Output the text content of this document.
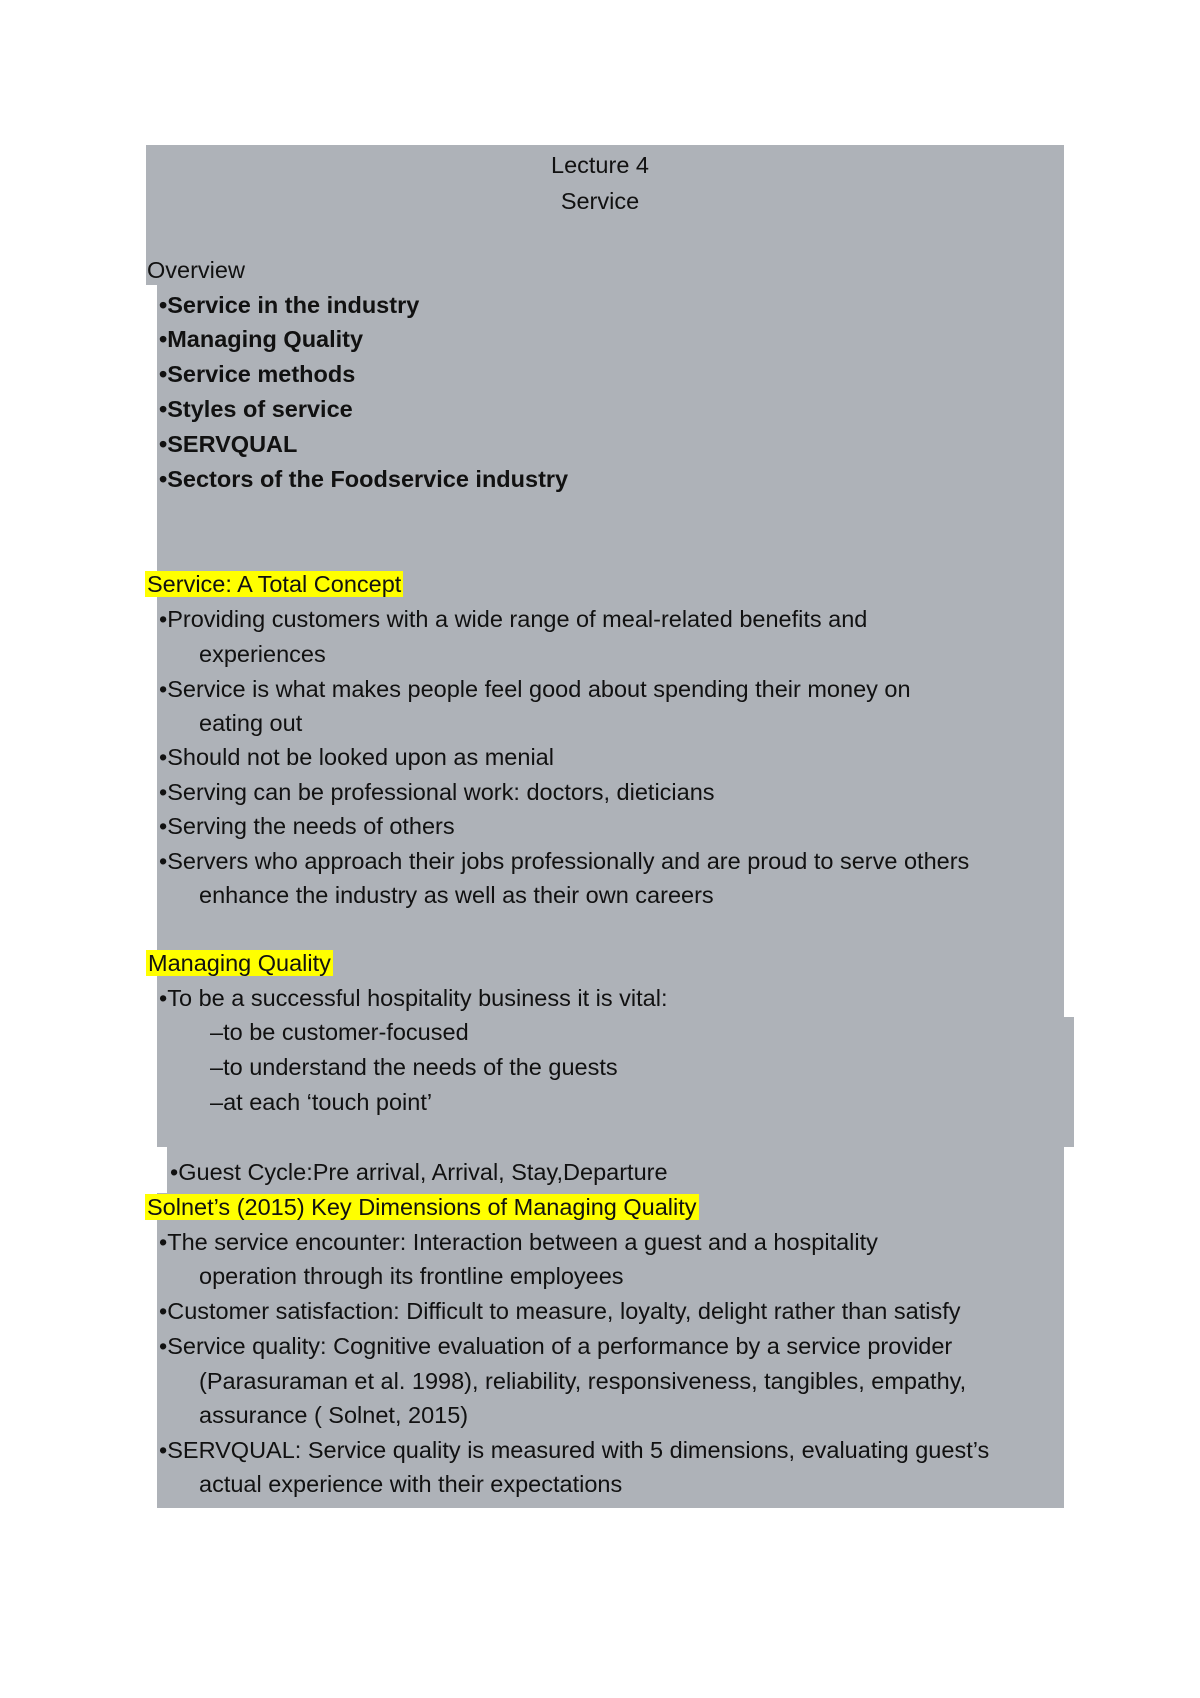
Lecture 4
Service
Overview
•Service in the industry
•Managing Quality
•Service methods
•Styles of service
•SERVQUAL
•Sectors of the Foodservice industry
Service: A Total Concept
•Providing customers with a wide range of meal-related benefits and
experiences
•Service is what makes people feel good about spending their money on
eating out
•Should not be looked upon as menial
•Serving can be professional work: doctors, dieticians
•Serving the needs of others
•Servers who approach their jobs professionally and are proud to serve others
enhance the industry as well as their own careers
Managing Quality
•To be a successful hospitality business it is vital:
–to be customer-focused
–to understand the needs of the guests
–at each ‘touch point’
•Guest Cycle:Pre arrival, Arrival, Stay,Departure
Solnet’s (2015) Key Dimensions of Managing Quality
•The service encounter: Interaction between a guest and a hospitality
operation through its frontline employees
•Customer satisfaction: Difficult to measure, loyalty, delight rather than satisfy
•Service quality: Cognitive evaluation of a performance by a service provider
(Parasuraman et al. 1998), reliability, responsiveness, tangibles, empathy,
assurance ( Solnet, 2015)
•SERVQUAL: Service quality is measured with 5 dimensions, evaluating guest’s
actual experience with their expectations
